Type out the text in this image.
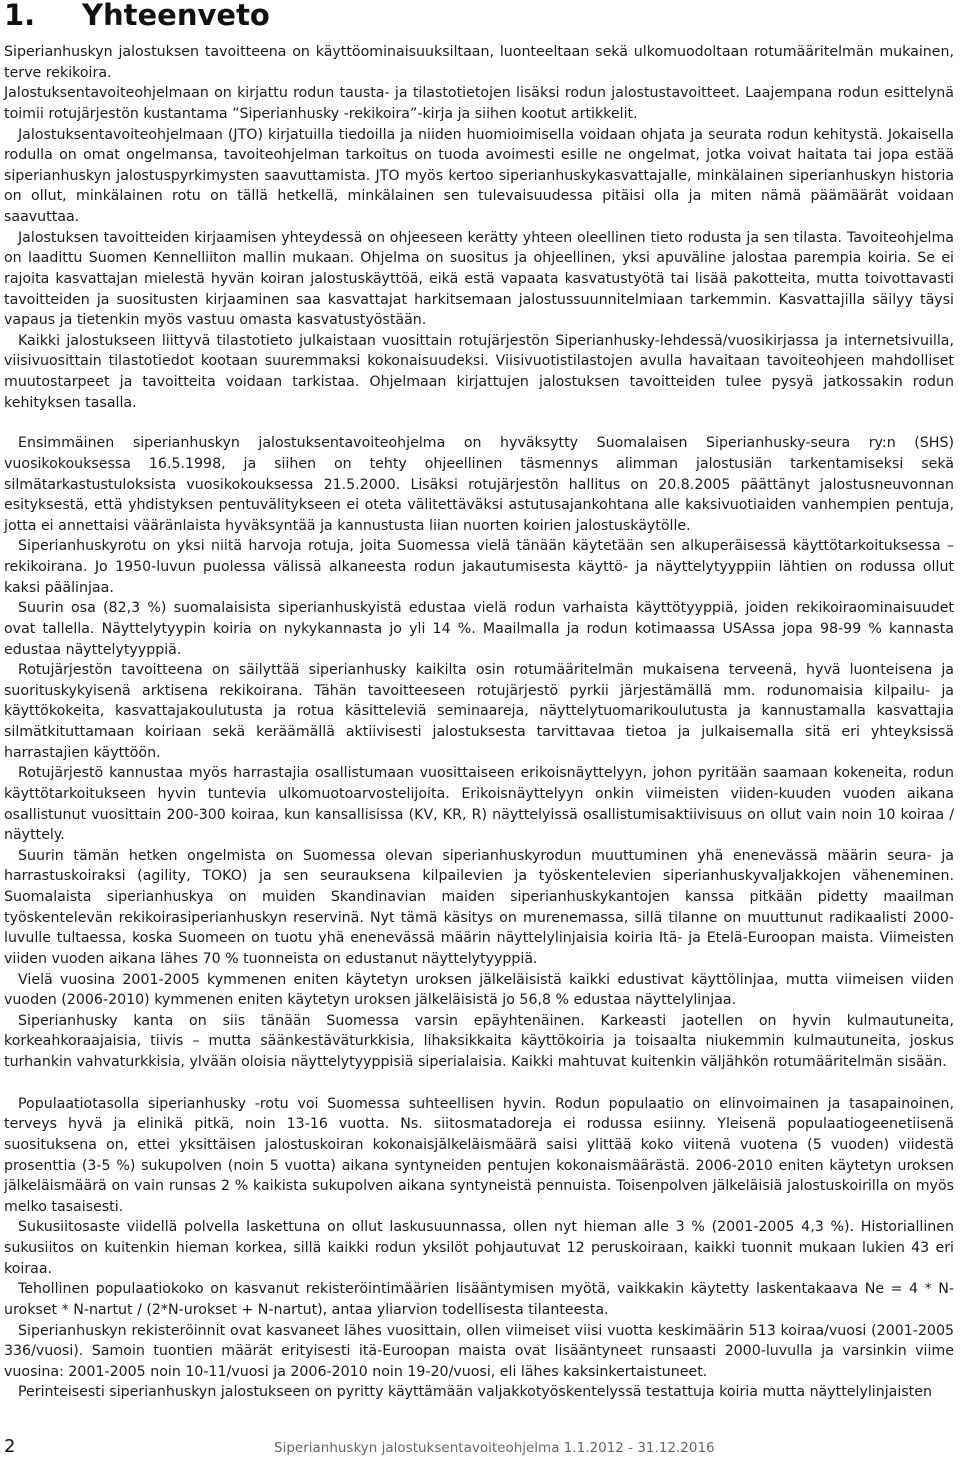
1.	Yhteenveto

Siperianhuskyn jalostuksen tavoitteena on käyttöominaisuuksiltaan, luonteeltaan sekä ulkomuodoltaan rotumääritelmän mukainen, terve rekikoira.

Jalostuksentavoiteohjelmaan on kirjattu rodun tausta- ja tilastotietojen lisäksi rodun jalostustavoitteet. Laajempana rodun esittelynä toimii rotujärjestön kustantama ”Siperianhusky -rekikoira”-kirja ja siihen kootut artikkelit.

Jalostuksentavoiteohjelmaan (JTO) kirjatuilla tiedoilla ja niiden huomioimisella voidaan ohjata ja seurata rodun kehitystä. Jokaisella rodulla on omat ongelmansa, tavoiteohjelman tarkoitus on tuoda avoimesti esille ne ongelmat, jotka voivat haitata tai jopa estää siperianhuskyn jalostuspyrkimysten saavuttamista. JTO myös kertoo siperianhuskykasvattajalle, minkälainen siperianhuskyn historia on ollut, minkälainen rotu on tällä hetkellä, minkälainen sen tulevaisuudessa pitäisi olla ja miten nämä päämäärät voidaan saavuttaa.

Jalostuksen tavoitteiden kirjaamisen yhteydessä on ohjeeseen kerätty yhteen oleellinen tieto rodusta ja sen tilasta. Tavoiteohjelma on laadittu Suomen Kennelliiton mallin mukaan. Ohjelma on suositus ja ohjeellinen, yksi apuväline jalostaa parempia koiria. Se ei rajoita kasvattajan mielestä hyvän koiran jalostuskäyttöä, eikä estä vapaata kasvatustyötä tai lisää pakotteita, mutta toivottavasti tavoitteiden ja suositusten kirjaaminen saa kasvattajat harkitsemaan jalostussuunnitelmiaan tarkemmin. Kasvattajilla säilyy täysi vapaus ja tietenkin myös vastuu omasta kasvatustyöstään.

Kaikki jalostukseen liittyvä tilastotieto julkaistaan vuosittain rotujärjestön Siperianhusky-lehdessä/vuosikirjassa ja internetsivuilla, viisivuosittain tilastotiedot kootaan suuremmaksi kokonaisuudeksi. Viisivuotistilastojen avulla havaitaan tavoiteohjeen mahdolliset muutostarpeet ja tavoitteita voidaan tarkistaa. Ohjelmaan kirjattujen jalostuksen tavoitteiden tulee pysyä jatkossakin rodun kehityksen tasalla.

Ensimmäinen siperianhuskyn jalostuksentavoiteohjelma on hyväksytty Suomalaisen Siperianhusky-seura ry:n (SHS) vuosikokouksessa 16.5.1998, ja siihen on tehty ohjeellinen täsmennys alimman jalostusiän tarkentamiseksi sekä silmätarkastustuloksista vuosikokouksessa 21.5.2000. Lisäksi rotujärjestön hallitus on 20.8.2005 päättänyt jalostusneuvonnan esityksestä, että yhdistyksen pentuvälitykseen ei oteta välitettäväksi astutusajankohtana alle kaksivuotiaiden vanhempien pentuja, jotta ei annettaisi vääränlaista hyväksyntää ja kannustusta liian nuorten koirien jalostuskäytölle.

Siperianhuskyrotu on yksi niitä harvoja rotuja, joita Suomessa vielä tänään käytetään sen alkuperäisessä käyttötarkoituksessa – rekikoirana. Jo 1950-luvun puolessa välissä alkaneesta rodun jakautumisesta käyttö- ja näyttelytyyppiin lähtien on rodussa ollut kaksi päälinjaa.

Suurin osa (82,3 %) suomalaisista siperianhuskyistä edustaa vielä rodun varhaista käyttötyyppiä, joiden rekikoiraominaisuudet ovat tallella. Näyttelytyypin koiria on nykykannasta jo yli 14 %. Maailmalla ja rodun kotimaassa USAssa jopa 98-99 % kannasta edustaa näyttelytyyppiä.

Rotujärjestön tavoitteena on säilyttää siperianhusky kaikilta osin rotumääritelmän mukaisena terveenä, hyvä luonteisena ja suorituskykyisenä arktisena rekikoirana. Tähän tavoitteeseen rotujärjestö pyrkii järjestämällä mm. rodunomaisia kilpailu- ja käyttökokeita, kasvattajakoulutusta ja rotua käsitteleviä seminaareja, näyttelytuomarikoulutusta ja kannustamalla kasvattajia silmätkituttamaan koiriaan sekä keräämällä aktiivisesti jalostuksesta tarvittavaa tietoa ja julkaisemalla sitä eri yhteyksissä harrastajien käyttöön.

Rotujärjestö kannustaa myös harrastajia osallistumaan vuosittaiseen erikoisnäyttelyyn, johon pyritään saamaan kokeneita, rodun käyttötarkoitukseen hyvin tuntevia ulkomuotoarvostelijoita. Erikoisnäyttelyyn onkin viimeisten viiden-kuuden vuoden aikana osallistunut vuosittain 200-300 koiraa, kun kansallisissa (KV, KR, R) näyttelyissä osallistumisaktiivisuus on ollut vain noin 10 koiraa / näyttely.

Suurin tämän hetken ongelmista on Suomessa olevan siperianhuskyrodun muuttuminen yhä enenevässä määrin seura- ja harrastuskoiraksi (agility, TOKO) ja sen seurauksena kilpailevien ja työskentelevien siperianhuskyvaljakkojen väheneminen. Suomalaista siperianhuskya on muiden Skandinavian maiden siperianhuskykantojen kanssa pitkään pidetty maailman työskentelevän rekikoirasiperianhuskyn reservinä. Nyt tämä käsitys on murenemassa, sillä tilanne on muuttunut radikaalisti 2000-luvulle tultaessa, koska Suomeen on tuotu yhä enenevässä määrin näyttelylinjaisia koiria Itä- ja Etelä-Euroopan maista. Viimeisten viiden vuoden aikana lähes 70 % tuonneista on edustanut näyttelytyyppiä.

Vielä vuosina 2001-2005 kymmenen eniten käytetyn uroksen jälkeläisistä kaikki edustivat käyttölinjaa, mutta viimeisen viiden vuoden (2006-2010) kymmenen eniten käytetyn uroksen jälkeläisistä jo 56,8 % edustaa näyttelylinjaa.

Siperianhusky kanta on siis tänään Suomessa varsin epäyhtenäinen. Karkeasti jaotellen on hyvin kulmautuneita, korkeahkoraajaisia, tiivis – mutta säänkestäväturkkisia, lihaksikkaita käyttökoiria ja toisaalta niukemmin kulmautuneita, joskus turhankin vahvaturkkisia, ylvään oloisia näyttelytyyppisiä siperialaisia. Kaikki mahtuvat kuitenkin väljähkön rotumääritelmän sisään.

Populaatiotasolla siperianhusky -rotu voi Suomessa suhteellisen hyvin. Rodun populaatio on elinvoimainen ja tasapainoinen, terveys hyvä ja elinikä pitkä, noin 13-16 vuotta. Ns. siitosmatadoreja ei rodussa esiinny. Yleisenä populaatiogeenetiisenä suosituksena on, ettei yksittäisen jalostuskoiran kokonaisjälkeläismäärä saisi ylittää koko viitenä vuotena (5 vuoden) viidestä prosenttia (3-5 %) sukupolven (noin 5 vuotta) aikana syntyneiden pentujen kokonaismäärästä. 2006-2010 eniten käytetyn uroksen jälkeläismäärä on vain runsas 2 % kaikista sukupolven aikana syntyneistä pennuista. Toisenpolven jälkeläisiä jalostuskoirilla on myös melko tasaisesti.

Sukusiitosaste viidellä polvella laskettuna on ollut laskusuunnassa, ollen nyt hieman alle 3 % (2001-2005 4,3 %). Historiallinen sukusiitos on kuitenkin hieman korkea, sillä kaikki rodun yksilöt pohjautuvat 12 peruskoiraan, kaikki tuonnit mukaan lukien 43 eri koiraa.

Tehollinen populaatiokoko on kasvanut rekisteröintimäärien lisääntymisen myötä, vaikkakin käytetty laskentakaava Ne = 4 * N-urokset * N-nartut / (2*N-urokset + N-nartut), antaa yliarvion todellisesta tilanteesta.

Siperianhuskyn rekisteröinnit ovat kasvaneet lähes vuosittain, ollen viimeiset viisi vuotta keskimäärin 513 koiraa/vuosi (2001-2005 336/vuosi). Samoin tuontien määrät erityisesti itä-Euroopan maista ovat lisääntyneet runsaasti 2000-luvulla ja varsinkin viime vuosina: 2001-2005 noin 10-11/vuosi ja 2006-2010 noin 19-20/vuosi, eli lähes kaksinkertaistuneet.

Perinteisesti siperianhuskyn jalostukseen on pyritty käyttämään valjakkotyöskentelyssä testattuja koiria mutta näyttelylinjaisten

2	Siperianhuskyn jalostuksentavoiteohjelma 1.1.2012 - 31.12.2016
